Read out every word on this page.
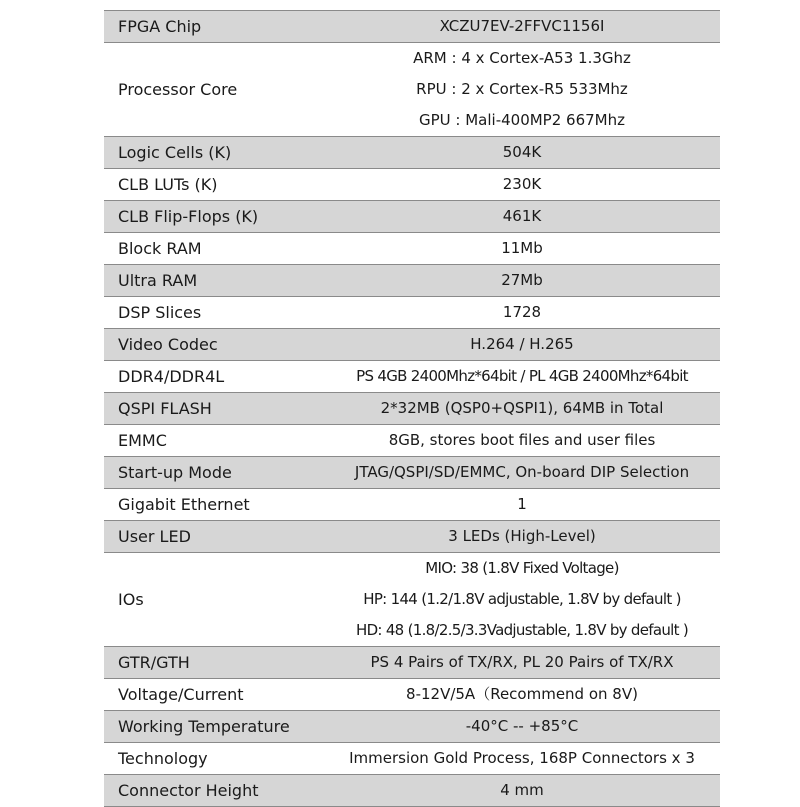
FPGA Chip	XCZU7EV-2FFVC1156I

Processor Core	ARM : 4 x Cortex-A53 1.3Ghz
RPU : 2 x Cortex-R5 533Mhz
GPU : Mali-400MP2 667Mhz

Logic Cells (K)	504K

CLB LUTs (K)	230K

CLB Flip-Flops (K)	461K

Block RAM	11Mb

Ultra RAM	27Mb

DSP Slices	1728

Video Codec	H.264 / H.265

DDR4/DDR4L	PS 4GB 2400Mhz*64bit / PL 4GB 2400Mhz*64bit

QSPI FLASH	2*32MB (QSP0+QSPI1), 64MB in Total

EMMC	8GB, stores boot files and user files

Start-up Mode	JTAG/QSPI/SD/EMMC, On-board DIP Selection

Gigabit Ethernet	1

User LED	3 LEDs (High-Level)

IOs	MIO: 38 (1.8V Fixed Voltage)
HP: 144 (1.2/1.8V adjustable, 1.8V by default )
HD: 48 (1.8/2.5/3.3Vadjustable, 1.8V by default )

GTR/GTH	PS 4 Pairs of TX/RX, PL 20 Pairs of TX/RX

Voltage/Current	8-12V/5A（Recommend on 8V)

Working Temperature	-40°C -- +85°C

Technology	Immersion Gold Process, 168P Connectors x 3

Connector Height	4 mm
